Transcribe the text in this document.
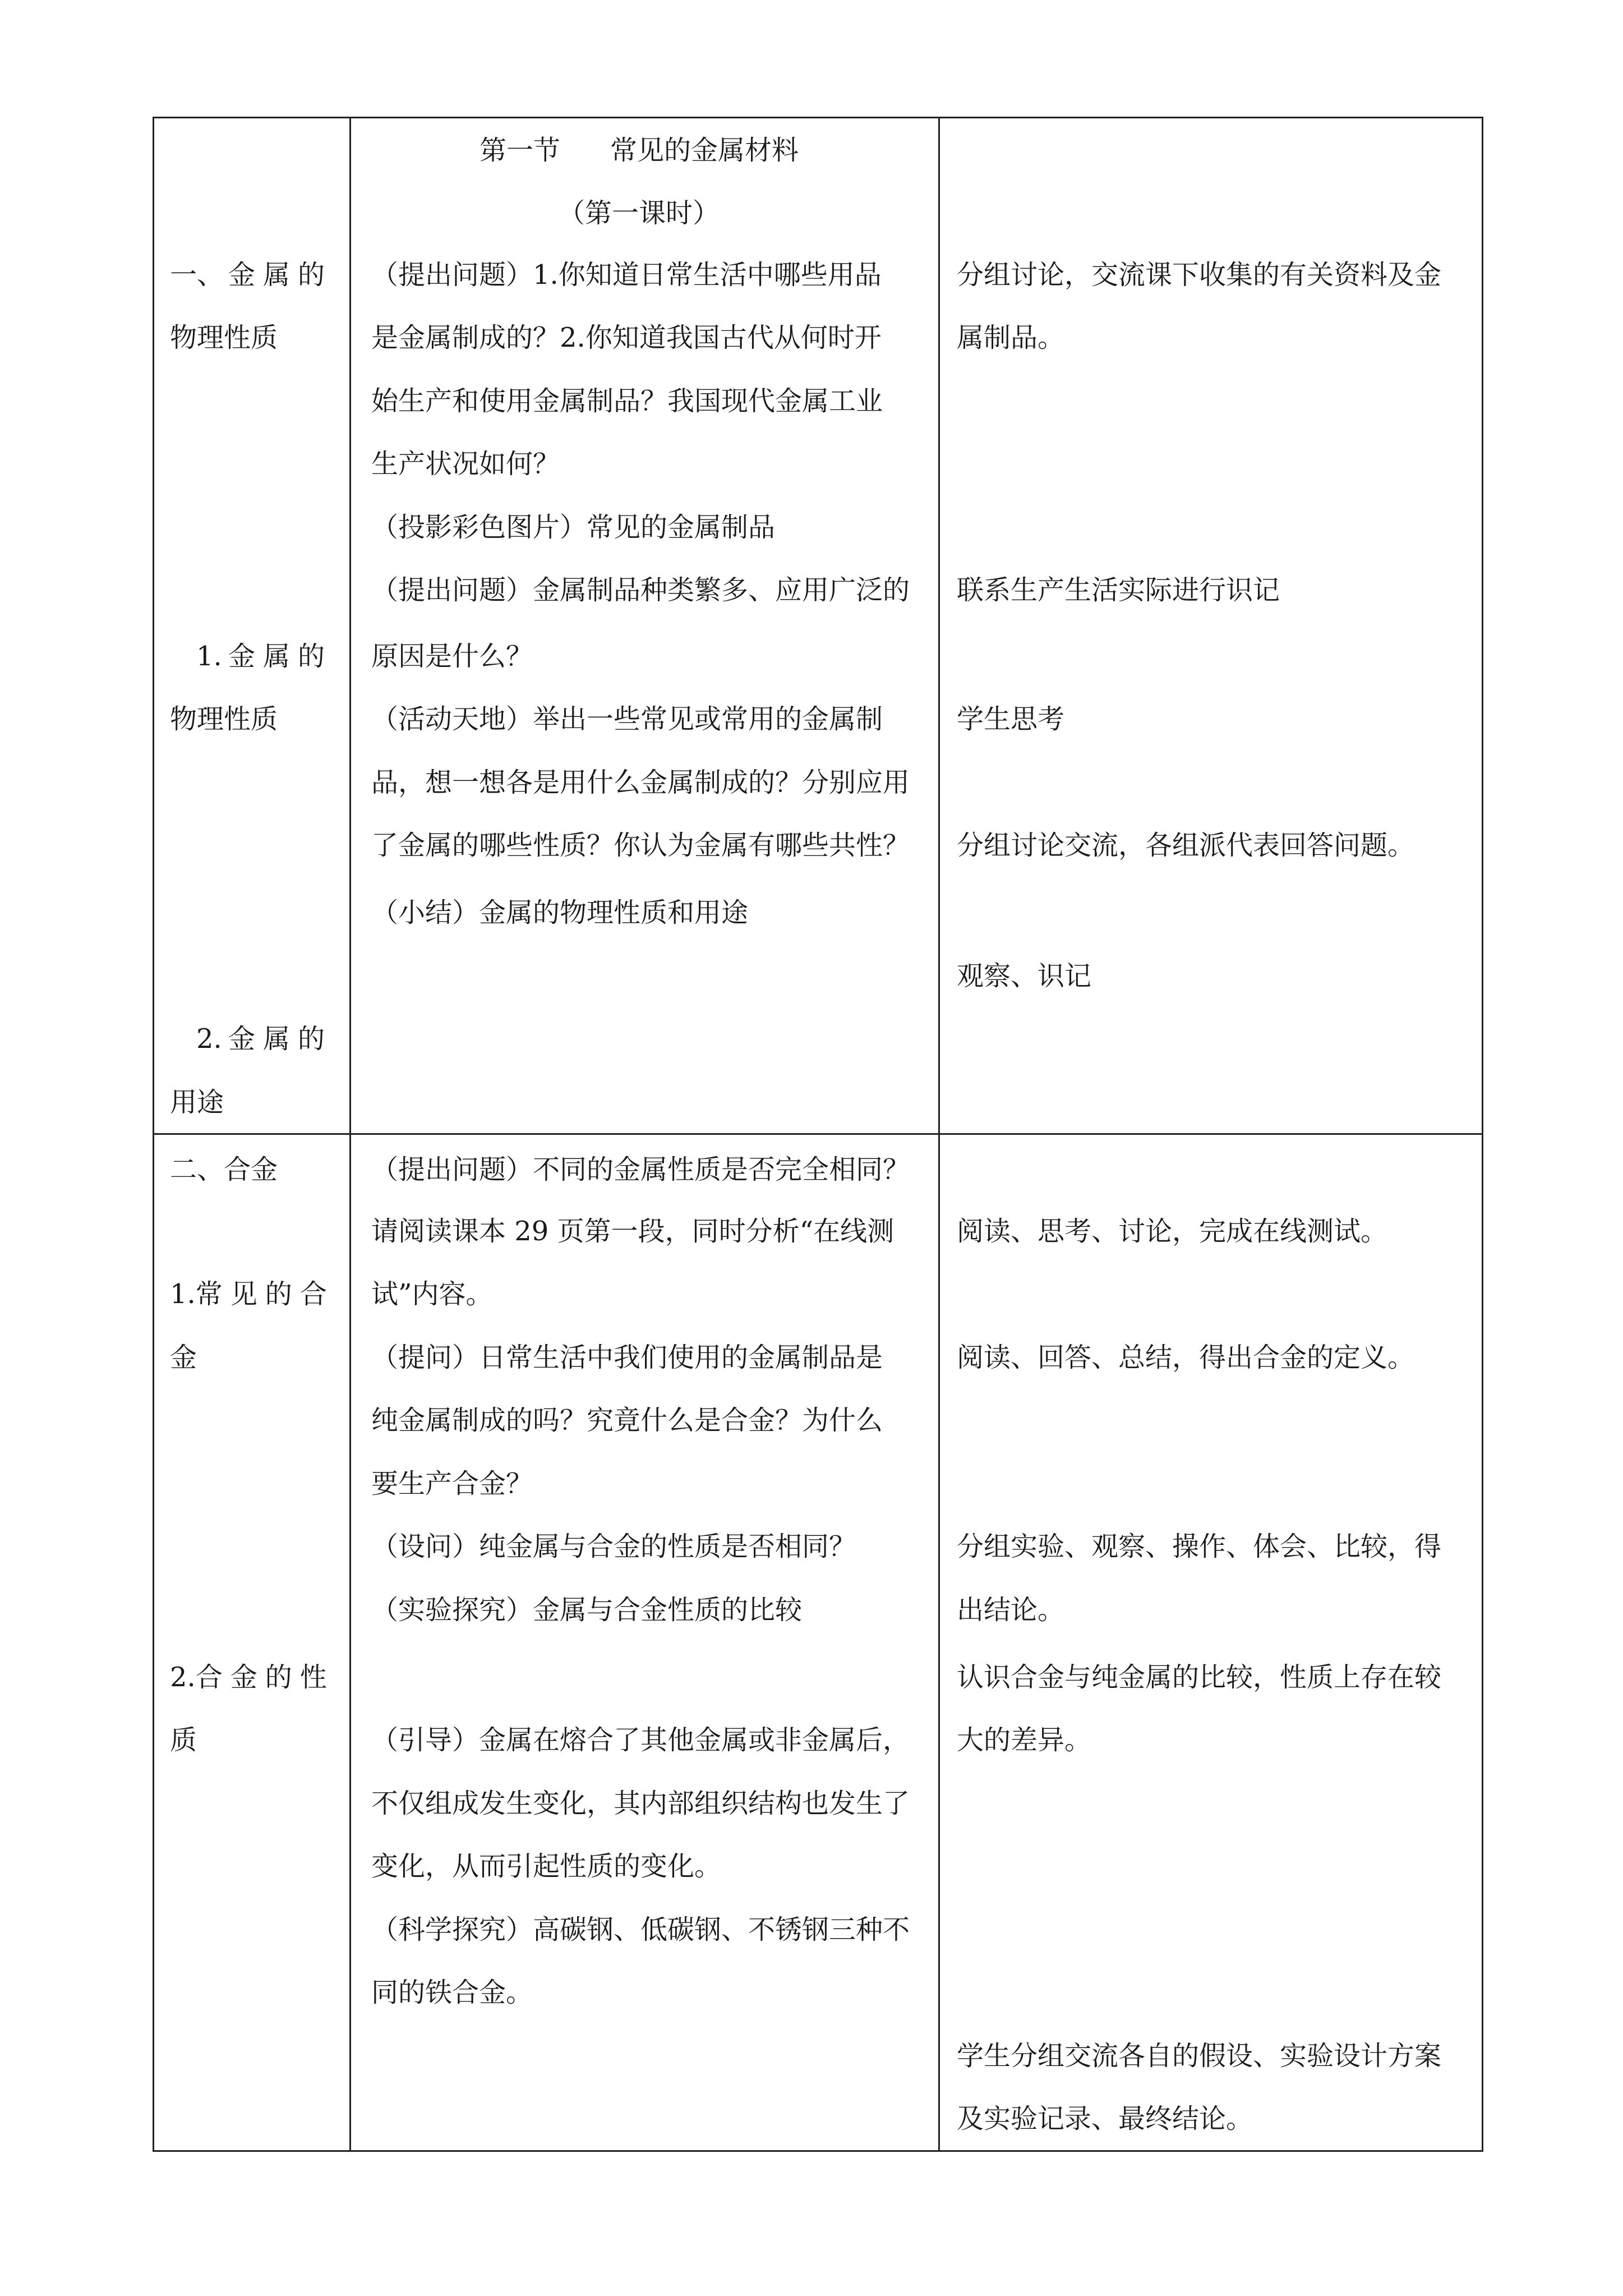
第一节 常见的金属材料
（第一课时）
一、 金属的
物理性质
1. 金属的
物理性质
2. 金属的
用途
（提出问题）1.你知道日常生活中哪些用品
是金属制成的？2.你知道我国古代从何时开
始生产和使用金属制品？我国现代金属工业
生产状况如何？
（投影彩色图片）常见的金属制品
（提出问题）金属制品种类繁多、应用广泛的
原因是什么？
（活动天地）举出一些常见或常用的金属制
品，想一想各是用什么金属制成的？分别应用
了金属的哪些性质？你认为金属有哪些共性？
（小结）金属的物理性质和用途
分组讨论，交流课下收集的有关资料及金
属制品。
联系生产生活实际进行识记
学生思考
分组讨论交流，各组派代表回答问题。
观察、识记
二、合金
1. 常见的合
金
2. 合金的性
质
（提出问题）不同的金属性质是否完全相同？
请阅读课本 29 页第一段，同时分析“在线测
试”内容。
（提问）日常生活中我们使用的金属制品是
纯金属制成的吗？究竟什么是合金？为什么
要生产合金？
（设问）纯金属与合金的性质是否相同？
（实验探究）金属与合金性质的比较
（引导）金属在熔合了其他金属或非金属后，
不仅组成发生变化，其内部组织结构也发生了
变化，从而引起性质的变化。
（科学探究）高碳钢、低碳钢、不锈钢三种不
同的铁合金。
阅读、思考、讨论，完成在线测试。
阅读、回答、总结，得出合金的定义。
分组实验、观察、操作、体会、比较，得
出结论。
认识合金与纯金属的比较，性质上存在较
大的差异。
学生分组交流各自的假设、实验设计方案
及实验记录、最终结论。
